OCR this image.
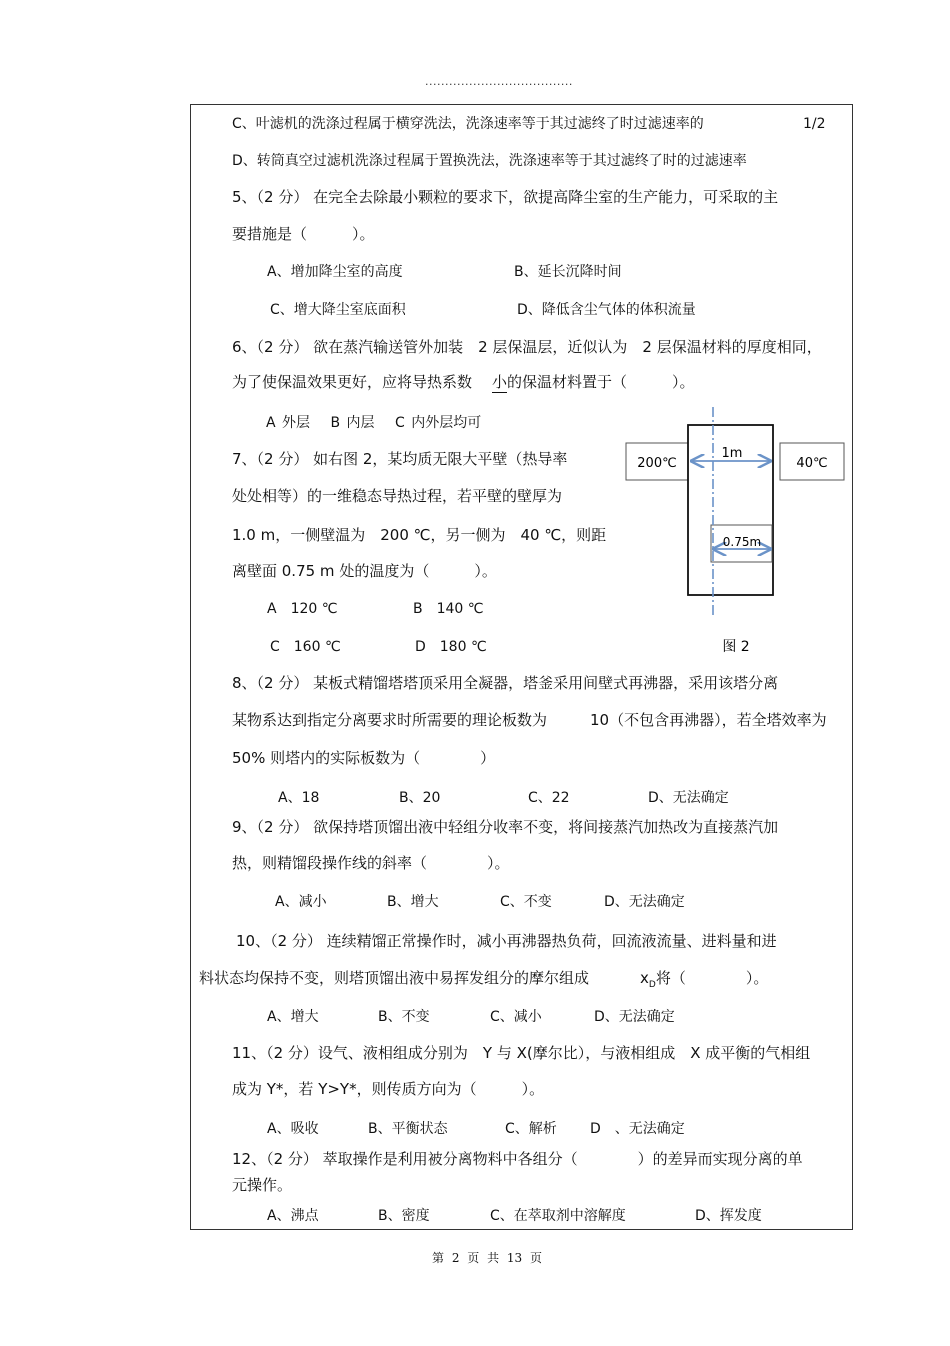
.....................................
C、叶滤机的洗涤过程属于横穿洗法，洗涤速率等于其过滤终了时过滤速率的	1/2
D、转筒真空过滤机洗涤过程属于置换洗法，洗涤速率等于其过滤终了时的过滤速率
5、（2 分） 在完全去除最小颗粒的要求下，欲提高降尘室的生产能力，可采取的主
要措施是（　　　）。
A、增加降尘室的高度	B、延长沉降时间
C、增大降尘室底面积	D、降低含尘气体的体积流量
6、（2 分） 欲在蒸汽输送管外加装　2 层保温层，近似认为　2 层保温材料的厚度相同，
为了使保温效果更好，应将导热系数 小的保温材料置于（　　　）。
A 外层　 B 内层　 C 内外层均可
7、（2 分） 如右图 2，某均质无限大平壁（热导率
处处相等）的一维稳态导热过程，若平壁的壁厚为
1.0 m，一侧壁温为　200 ℃，另一侧为　40 ℃，则距
离壁面 0.75 m 处的温度为（　　　）。
A　120 ℃	B　140 ℃
C　160 ℃	D　180 ℃
200℃	40℃
1m
0.75m
图 2
8、（2 分） 某板式精馏塔塔顶采用全凝器，塔釜采用间壁式再沸器，采用该塔分离
某物系达到指定分离要求时所需要的理论板数为	10（不包含再沸器），若全塔效率为
50% 则塔内的实际板数为（　　　　）
A、18	B、20	C、22	D、无法确定
9、（2 分） 欲保持塔顶馏出液中轻组分收率不变，将间接蒸汽加热改为直接蒸汽加
热，则精馏段操作线的斜率（　　　　）。
A、减小	B、增大	C、不变	D、无法确定
10、（2 分） 连续精馏正常操作时，减小再沸器热负荷，回流液流量、进料量和进
料状态均保持不变，则塔顶馏出液中易挥发组分的摩尔组成	$x_D$将（　　　　）。
A、增大	B、不变	C、减小	D、无法确定
11、（2 分）设气、液相组成分别为　Y 与 X(摩尔比），与液相组成　X 成平衡的气相组
成为 Y*，若 Y>Y*，则传质方向为（　　　）。
A、吸收	B、平衡状态	C、解析 D　、无法确定
12、（2 分） 萃取操作是利用被分离物料中各组分（　　　　）的差异而实现分离的单
元操作。
A、沸点	B、密度	C、在萃取剂中溶解度	D、挥发度
第 2 页 共 13 页
